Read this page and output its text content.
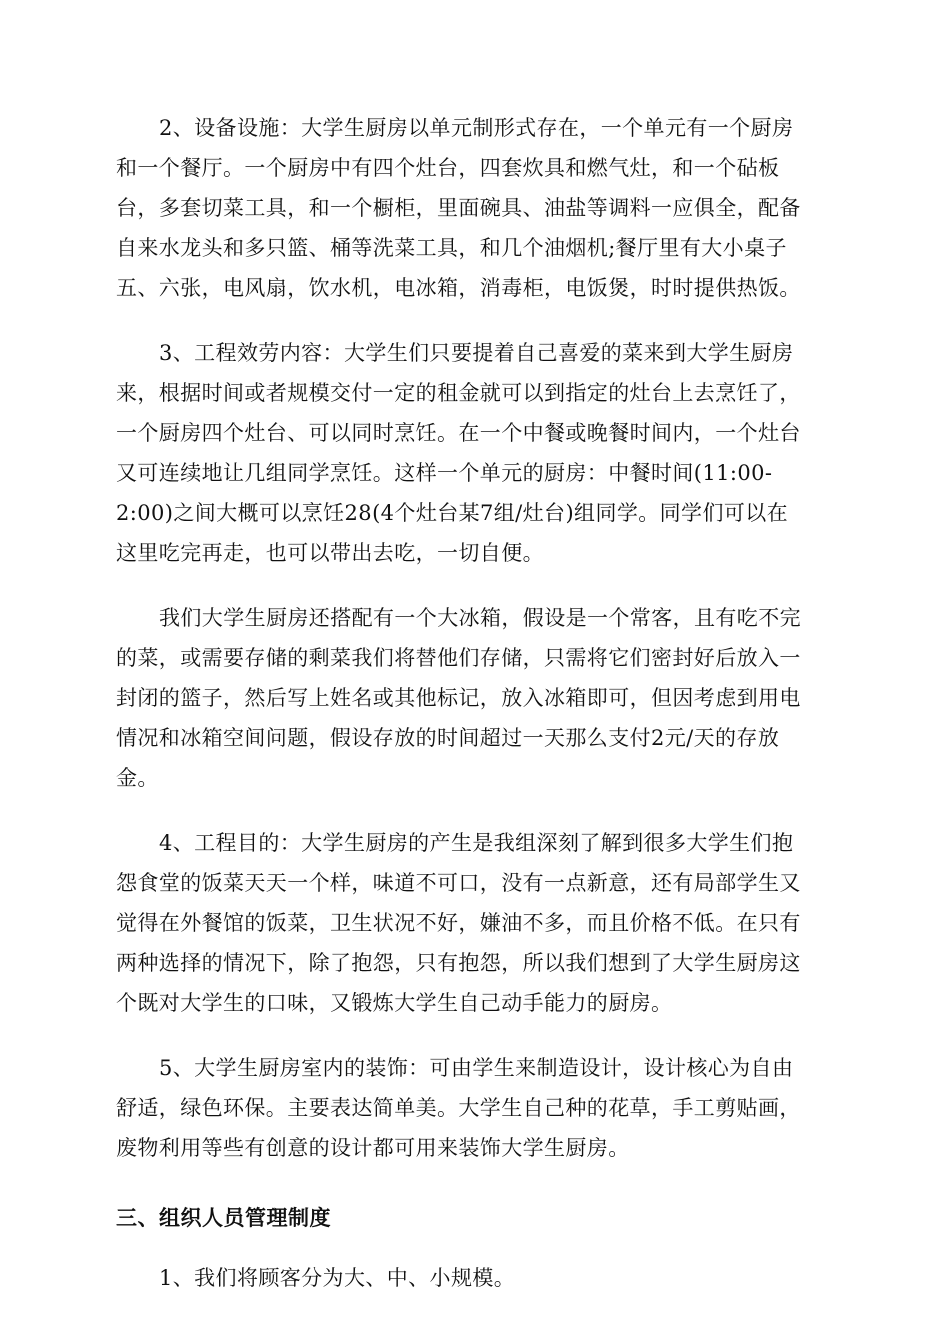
2、设备设施：大学生厨房以单元制形式存在，一个单元有一个厨房
和一个餐厅。一个厨房中有四个灶台，四套炊具和燃气灶，和一个砧板
台，多套切菜工具，和一个橱柜，里面碗具、油盐等调料一应俱全，配备
自来水龙头和多只篮、桶等洗菜工具，和几个油烟机;餐厅里有大小桌子
五、六张，电风扇，饮水机，电冰箱，消毒柜，电饭煲，时时提供热饭。

3、工程效劳内容：大学生们只要提着自己喜爱的菜来到大学生厨房
来，根据时间或者规模交付一定的租金就可以到指定的灶台上去烹饪了，
一个厨房四个灶台、可以同时烹饪。在一个中餐或晚餐时间内，一个灶台
又可连续地让几组同学烹饪。这样一个单元的厨房：中餐时间(11:00-
2:00)之间大概可以烹饪28(4个灶台某7组/灶台)组同学。同学们可以在
这里吃完再走，也可以带出去吃，一切自便。

我们大学生厨房还搭配有一个大冰箱，假设是一个常客，且有吃不完
的菜，或需要存储的剩菜我们将替他们存储，只需将它们密封好后放入一
封闭的篮子，然后写上姓名或其他标记，放入冰箱即可，但因考虑到用电
情况和冰箱空间问题，假设存放的时间超过一天那么支付2元/天的存放
金。

4、工程目的：大学生厨房的产生是我组深刻了解到很多大学生们抱
怨食堂的饭菜天天一个样，味道不可口，没有一点新意，还有局部学生又
觉得在外餐馆的饭菜，卫生状况不好，嫌油不多，而且价格不低。在只有
两种选择的情况下，除了抱怨，只有抱怨，所以我们想到了大学生厨房这
个既对大学生的口味，又锻炼大学生自己动手能力的厨房。

5、大学生厨房室内的装饰：可由学生来制造设计，设计核心为自由
舒适，绿色环保。主要表达简单美。大学生自己种的花草，手工剪贴画，
废物利用等些有创意的设计都可用来装饰大学生厨房。

三、组织人员管理制度

1、我们将顾客分为大、中、小规模。
